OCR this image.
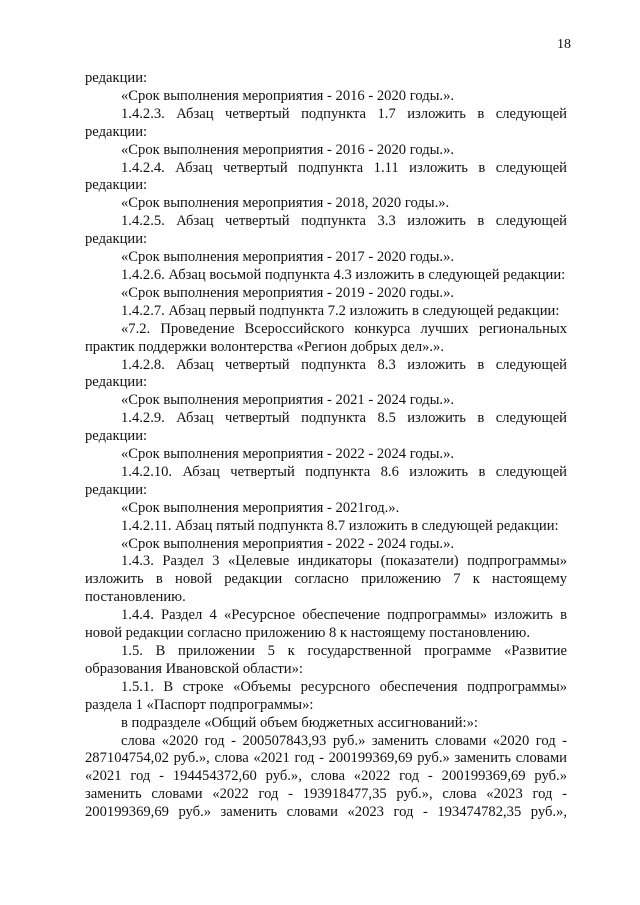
18

редакции:

«Срок выполнения мероприятия - 2016 - 2020 годы.».

1.4.2.3. Абзац четвертый подпункта 1.7 изложить в следующей редакции:

«Срок выполнения мероприятия - 2016 - 2020 годы.».

1.4.2.4. Абзац четвертый подпункта 1.11 изложить в следующей редакции:

«Срок выполнения мероприятия - 2018, 2020 годы.».

1.4.2.5. Абзац четвертый подпункта 3.3 изложить в следующей редакции:

«Срок выполнения мероприятия - 2017 - 2020 годы.».

1.4.2.6. Абзац восьмой подпункта 4.3 изложить в следующей редакции:

«Срок выполнения мероприятия - 2019 - 2020 годы.».

1.4.2.7. Абзац первый подпункта 7.2 изложить в следующей редакции:

«7.2. Проведение Всероссийского конкурса лучших региональных практик поддержки волонтерства «Регион добрых дел».».

1.4.2.8. Абзац четвертый подпункта 8.3 изложить в следующей редакции:

«Срок выполнения мероприятия - 2021 - 2024 годы.».

1.4.2.9. Абзац четвертый подпункта 8.5 изложить в следующей редакции:

«Срок выполнения мероприятия - 2022 - 2024 годы.».

1.4.2.10. Абзац четвертый подпункта 8.6 изложить в следующей редакции:

«Срок выполнения мероприятия - 2021год.».

1.4.2.11. Абзац пятый подпункта 8.7 изложить в следующей редакции:

«Срок выполнения мероприятия - 2022 - 2024 годы.».

1.4.3. Раздел 3 «Целевые индикаторы (показатели) подпрограммы» изложить в новой редакции согласно приложению 7 к настоящему постановлению.

1.4.4. Раздел 4 «Ресурсное обеспечение подпрограммы» изложить в новой редакции согласно приложению 8 к настоящему постановлению.

1.5. В приложении 5 к государственной программе «Развитие образования Ивановской области»:

1.5.1. В строке «Объемы ресурсного обеспечения подпрограммы» раздела 1 «Паспорт подпрограммы»:

в подразделе «Общий объем бюджетных ассигнований:»:

слова «2020 год - 200507843,93 руб.» заменить словами «2020 год - 287104754,02 руб.», слова «2021 год - 200199369,69 руб.» заменить словами «2021 год - 194454372,60 руб.», слова «2022 год - 200199369,69 руб.» заменить словами «2022 год - 193918477,35 руб.», слова «2023 год - 200199369,69 руб.» заменить словами «2023 год - 193474782,35 руб.»,
